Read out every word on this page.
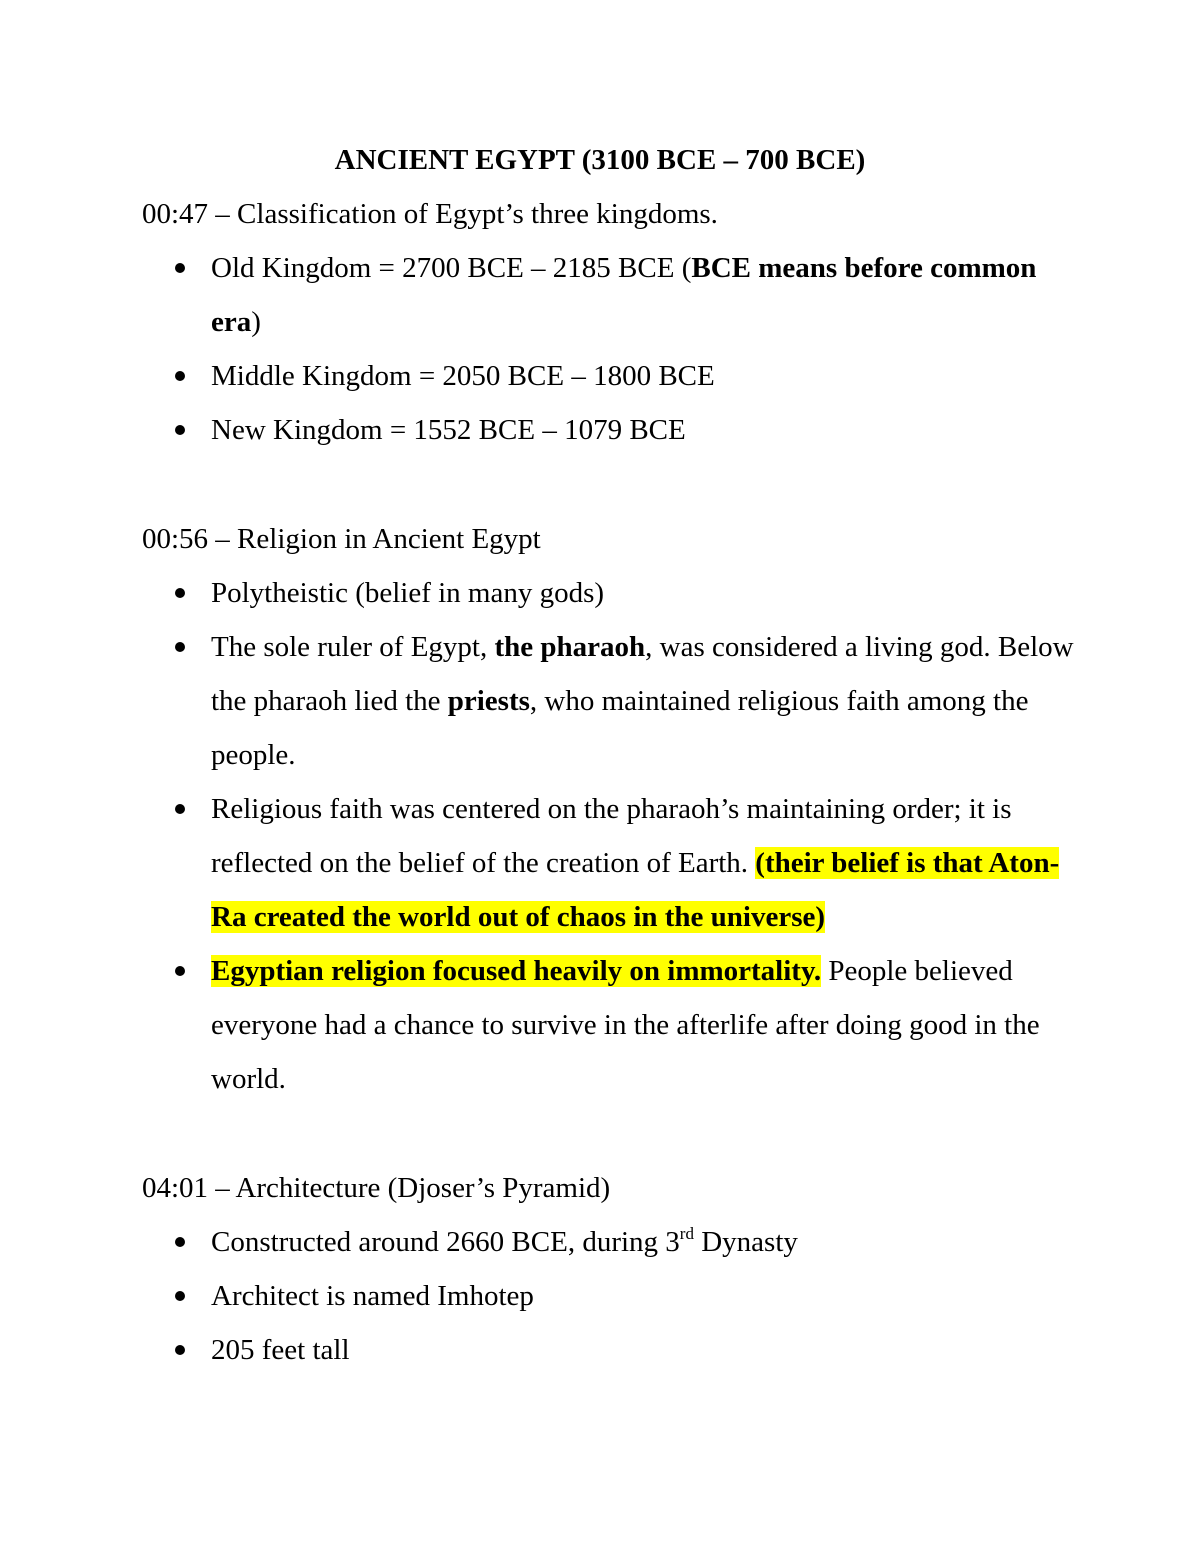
ANCIENT EGYPT (3100 BCE – 700 BCE)
00:47 – Classification of Egypt’s three kingdoms.
Old Kingdom = 2700 BCE – 2185 BCE (BCE means before common era)
Middle Kingdom = 2050 BCE – 1800 BCE
New Kingdom = 1552 BCE – 1079 BCE
00:56 – Religion in Ancient Egypt
Polytheistic (belief in many gods)
The sole ruler of Egypt, the pharaoh, was considered a living god. Below the pharaoh lied the priests, who maintained religious faith among the people.
Religious faith was centered on the pharaoh’s maintaining order; it is reflected on the belief of the creation of Earth. (their belief is that Aton-Ra created the world out of chaos in the universe)
Egyptian religion focused heavily on immortality. People believed everyone had a chance to survive in the afterlife after doing good in the world.
04:01 – Architecture (Djoser’s Pyramid)
Constructed around 2660 BCE, during 3rd Dynasty
Architect is named Imhotep
205 feet tall
